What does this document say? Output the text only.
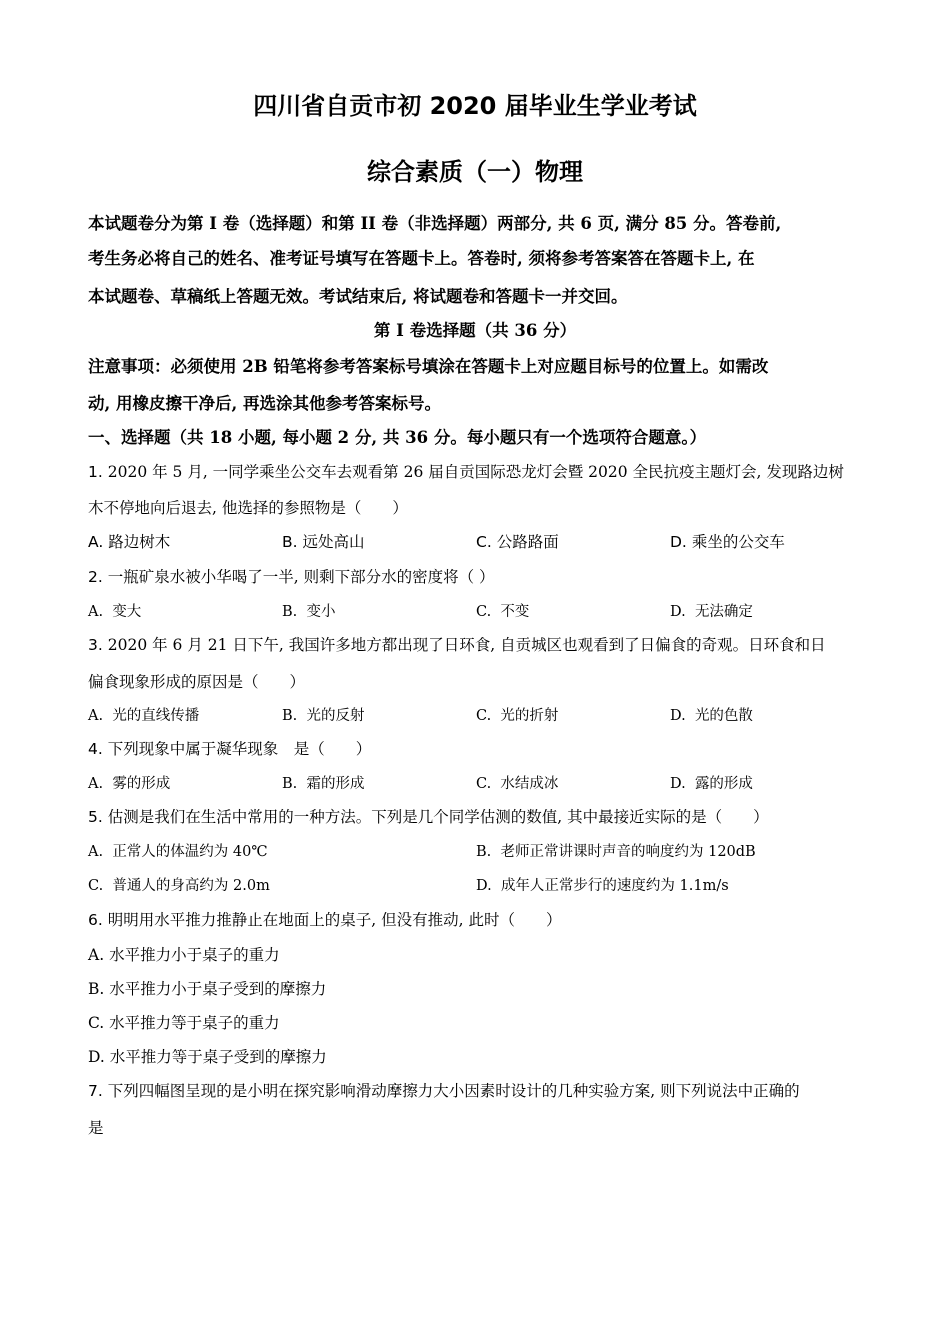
四川省自贡市初 2020 届毕业生学业考试
综合素质（一）物理
本试题卷分为第 I 卷（选择题）和第 II 卷（非选择题）两部分, 共 6 页, 满分 85 分。答卷前,
考生务必将自己的姓名、准考证号填写在答题卡上。答卷时, 须将参考答案答在答题卡上, 在
本试题卷、草稿纸上答题无效。考试结束后, 将试题卷和答题卡一并交回。
第 I 卷选择题（共 36 分）
注意事项：必须使用 2B 铅笔将参考答案标号填涂在答题卡上对应题目标号的位置上。如需改
动, 用橡皮擦干净后, 再选涂其他参考答案标号。
一、选择题（共 18 小题, 每小题 2 分, 共 36 分。每小题只有一个选项符合题意。）
1. 2020 年 5 月, 一同学乘坐公交车去观看第 26 届自贡国际恐龙灯会暨 2020 全民抗疫主题灯会, 发现路边树
木不停地向后退去, 他选择的参照物是（　　）
A. 路边树木	B. 远处高山	C. 公路路面	D. 乘坐的公交车
2. 一瓶矿泉水被小华喝了一半, 则剩下部分水的密度将（ ）
A. 变大	B. 变小	C. 不变	D. 无法确定
3. 2020 年 6 月 21 日下午, 我国许多地方都出现了日环食, 自贡城区也观看到了日偏食的奇观。日环食和日
偏食现象形成的原因是（　　）
A. 光的直线传播	B. 光的反射	C. 光的折射	D. 光的色散
4. 下列现象中属于凝华现象　是（　　）
A. 雾的形成	B. 霜的形成	C. 水结成冰	D. 露的形成
5. 估测是我们在生活中常用的一种方法。下列是几个同学估测的数值, 其中最接近实际的是（　　）
A. 正常人的体温约为 40℃	B. 老师正常讲课时声音的响度约为 120dB
C. 普通人的身高约为 2.0m	D. 成年人正常步行的速度约为 1.1m/s
6. 明明用水平推力推静止在地面上的桌子, 但没有推动, 此时（　　）
A. 水平推力小于桌子的重力
B. 水平推力小于桌子受到的摩擦力
C. 水平推力等于桌子的重力
D. 水平推力等于桌子受到的摩擦力
7. 下列四幅图呈现的是小明在探究影响滑动摩擦力大小因素时设计的几种实验方案, 则下列说法中正确的
是
